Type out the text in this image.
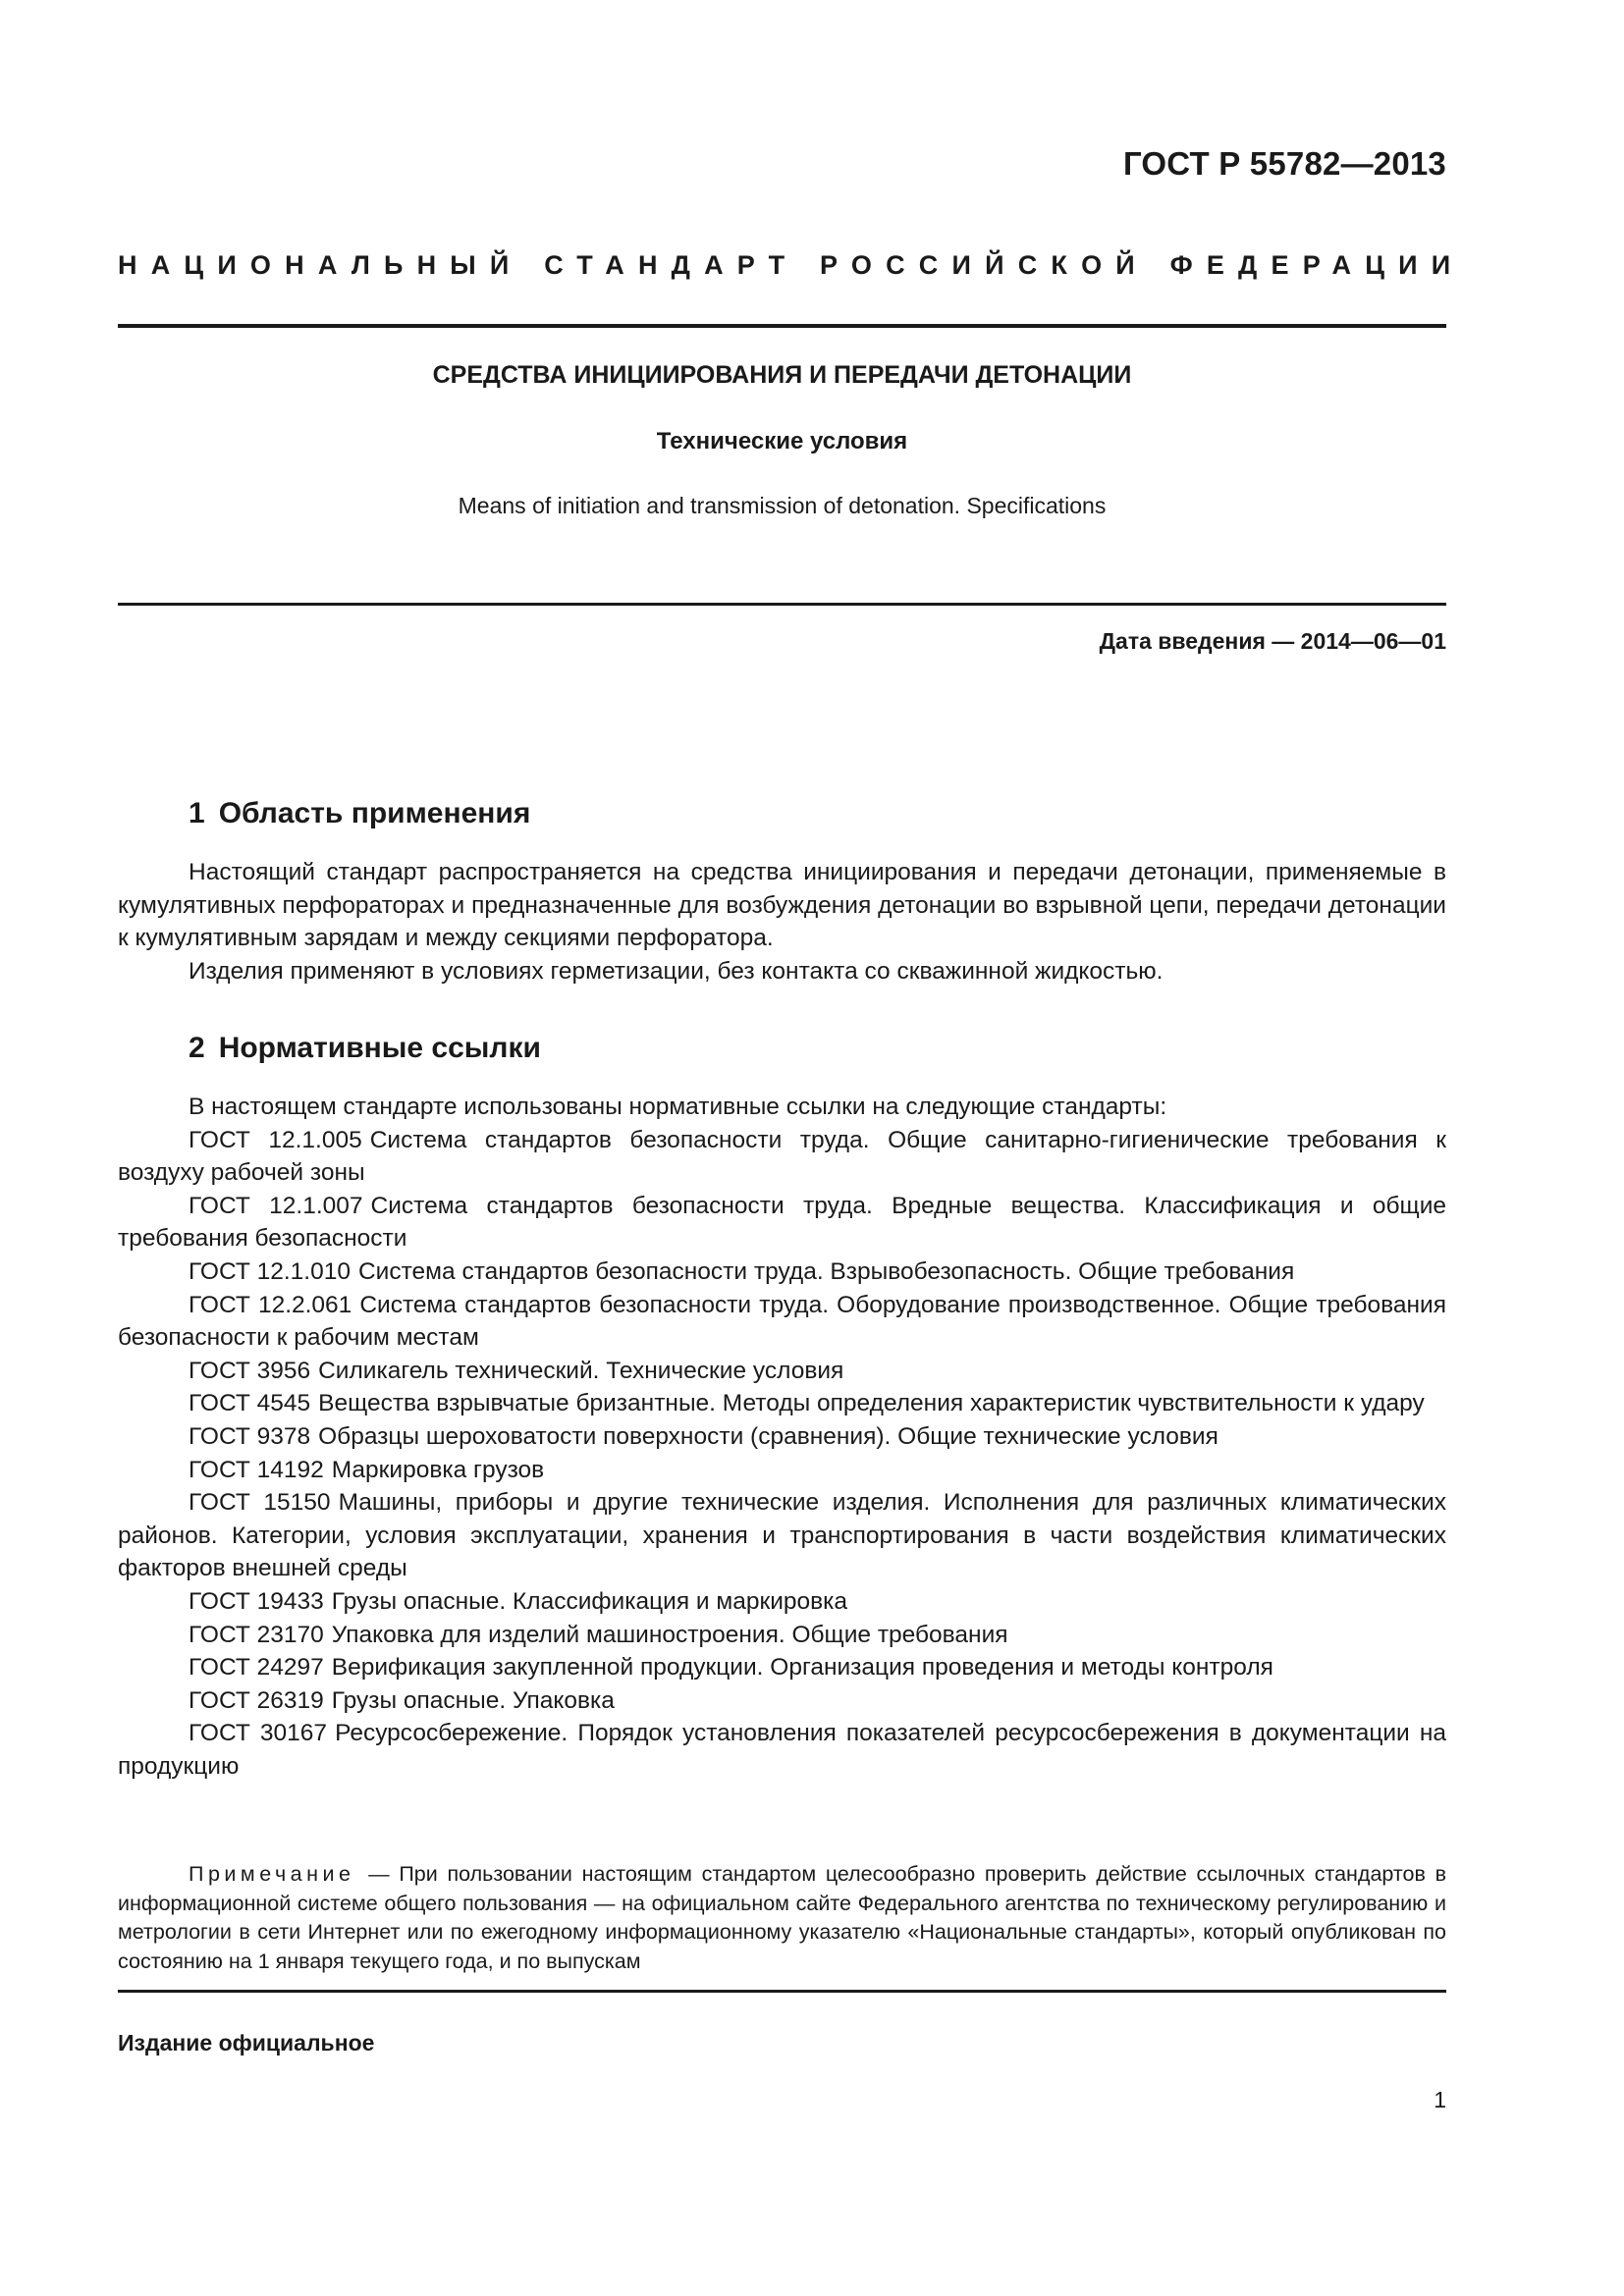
ГОСТ Р 55782—2013
НАЦИОНАЛЬНЫЙ СТАНДАРТ РОССИЙСКОЙ ФЕДЕРАЦИИ
СРЕДСТВА ИНИЦИИРОВАНИЯ И ПЕРЕДАЧИ ДЕТОНАЦИИ
Технические условия
Means of initiation and transmission of detonation. Specifications
Дата введения — 2014—06—01
1 Область применения

Настоящий стандарт распространяется на средства инициирования и передачи детонации, применяемые в кумулятивных перфораторах и предназначенные для возбуждения детонации во взрывной цепи, передачи детонации к кумулятивным зарядам и между секциями перфоратора.

Изделия применяют в условиях герметизации, без контакта со скважинной жидкостью.

2 Нормативные ссылки

В настоящем стандарте использованы нормативные ссылки на следующие стандарты:

ГОСТ 12.1.005 Система стандартов безопасности труда. Общие санитарно-гигиенические требования к воздуху рабочей зоны

ГОСТ 12.1.007 Система стандартов безопасности труда. Вредные вещества. Классификация и общие требования безопасности

ГОСТ 12.1.010 Система стандартов безопасности труда. Взрывобезопасность. Общие требования

ГОСТ 12.2.061 Система стандартов безопасности труда. Оборудование производственное. Общие требования безопасности к рабочим местам

ГОСТ 3956 Силикагель технический. Технические условия

ГОСТ 4545 Вещества взрывчатые бризантные. Методы определения характеристик чувствительности к удару

ГОСТ 9378 Образцы шероховатости поверхности (сравнения). Общие технические условия

ГОСТ 14192 Маркировка грузов

ГОСТ 15150 Машины, приборы и другие технические изделия. Исполнения для различных климатических районов. Категории, условия эксплуатации, хранения и транспортирования в части воздействия климатических факторов внешней среды

ГОСТ 19433 Грузы опасные. Классификация и маркировка

ГОСТ 23170 Упаковка для изделий машиностроения. Общие требования

ГОСТ 24297 Верификация закупленной продукции. Организация проведения и методы контроля

ГОСТ 26319 Грузы опасные. Упаковка

ГОСТ 30167 Ресурсосбережение. Порядок установления показателей ресурсосбережения в документации на продукцию

Примечание — При пользовании настоящим стандартом целесообразно проверить действие ссылочных стандартов в информационной системе общего пользования — на официальном сайте Федерального агентства по техническому регулированию и метрологии в сети Интернет или по ежегодному информационному указателю «Национальные стандарты», который опубликован по состоянию на 1 января текущего года, и по выпускам

Издание официальное
1
